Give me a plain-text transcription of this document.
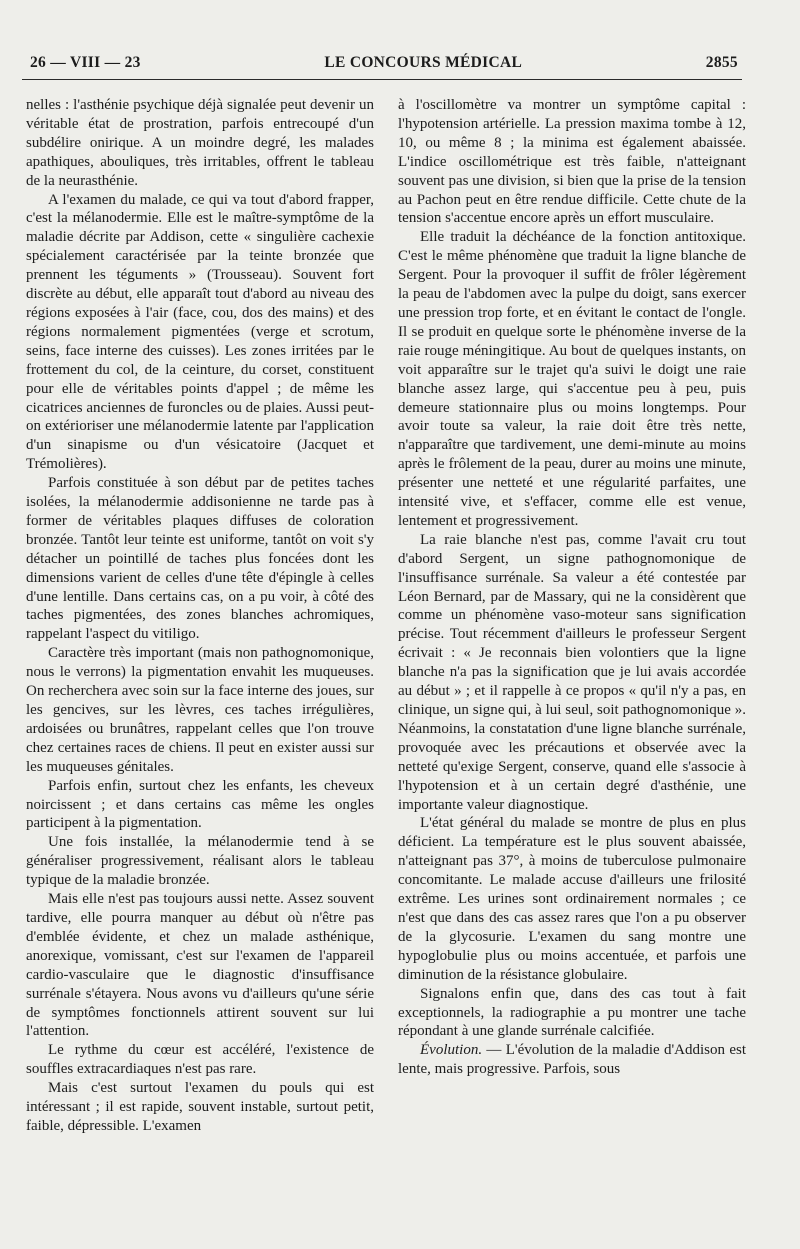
26 — VIII — 23	LE CONCOURS MÉDICAL	2855

nelles : l'asthénie psychique déjà signalée peut devenir un véritable état de prostration, parfois entrecoupé d'un subdélire onirique. A un moindre degré, les malades apathiques, abouliques, très irritables, offrent le tableau de la neurasthénie.

A l'examen du malade, ce qui va tout d'abord frapper, c'est la mélanodermie. Elle est le maître-symptôme de la maladie décrite par Addison, cette « singulière cachexie spécialement caractérisée par la teinte bronzée que prennent les téguments » (Trousseau). Souvent fort discrète au début, elle apparaît tout d'abord au niveau des régions exposées à l'air (face, cou, dos des mains) et des régions normalement pigmentées (verge et scrotum, seins, face interne des cuisses). Les zones irritées par le frottement du col, de la ceinture, du corset, constituent pour elle de véritables points d'appel ; de même les cicatrices anciennes de furoncles ou de plaies. Aussi peut-on extérioriser une mélanodermie latente par l'application d'un sinapisme ou d'un vésicatoire (Jacquet et Trémolières).

Parfois constituée à son début par de petites taches isolées, la mélanodermie addisonienne ne tarde pas à former de véritables plaques diffuses de coloration bronzée. Tantôt leur teinte est uniforme, tantôt on voit s'y détacher un pointillé de taches plus foncées dont les dimensions varient de celles d'une tête d'épingle à celles d'une lentille. Dans certains cas, on a pu voir, à côté des taches pigmentées, des zones blanches achromiques, rappelant l'aspect du vitiligo.

Caractère très important (mais non pathognomonique, nous le verrons) la pigmentation envahit les muqueuses. On recherchera avec soin sur la face interne des joues, sur les gencives, sur les lèvres, ces taches irrégulières, ardoisées ou brunâtres, rappelant celles que l'on trouve chez certaines races de chiens. Il peut en exister aussi sur les muqueuses génitales.

Parfois enfin, surtout chez les enfants, les cheveux noircissent ; et dans certains cas même les ongles participent à la pigmentation.

Une fois installée, la mélanodermie tend à se généraliser progressivement, réalisant alors le tableau typique de la maladie bronzée.

Mais elle n'est pas toujours aussi nette. Assez souvent tardive, elle pourra manquer au début où n'être pas d'emblée évidente, et chez un malade asthénique, anorexique, vomissant, c'est sur l'examen de l'appareil cardio-vasculaire que le diagnostic d'insuffisance surrénale s'étayera. Nous avons vu d'ailleurs qu'une série de symptômes fonctionnels attirent souvent sur lui l'attention.

Le rythme du cœur est accéléré, l'existence de souffles extracardiaques n'est pas rare.

Mais c'est surtout l'examen du pouls qui est intéressant ; il est rapide, souvent instable, surtout petit, faible, dépressible. L'examen

à l'oscillomètre va montrer un symptôme capital : l'hypotension artérielle. La pression maxima tombe à 12, 10, ou même 8 ; la minima est également abaissée. L'indice oscillométrique est très faible, n'atteignant souvent pas une division, si bien que la prise de la tension au Pachon peut en être rendue difficile. Cette chute de la tension s'accentue encore après un effort musculaire.

Elle traduit la déchéance de la fonction antitoxique. C'est le même phénomène que traduit la ligne blanche de Sergent. Pour la provoquer il suffit de frôler légèrement la peau de l'abdomen avec la pulpe du doigt, sans exercer une pression trop forte, et en évitant le contact de l'ongle. Il se produit en quelque sorte le phénomène inverse de la raie rouge méningitique. Au bout de quelques instants, on voit apparaître sur le trajet qu'a suivi le doigt une raie blanche assez large, qui s'accentue peu à peu, puis demeure stationnaire plus ou moins longtemps. Pour avoir toute sa valeur, la raie doit être très nette, n'apparaître que tardivement, une demi-minute au moins après le frôlement de la peau, durer au moins une minute, présenter une netteté et une régularité parfaites, une intensité vive, et s'effacer, comme elle est venue, lentement et progressivement.

La raie blanche n'est pas, comme l'avait cru tout d'abord Sergent, un signe pathognomonique de l'insuffisance surrénale. Sa valeur a été contestée par Léon Bernard, par de Massary, qui ne la considèrent que comme un phénomène vaso-moteur sans signification précise. Tout récemment d'ailleurs le professeur Sergent écrivait : « Je reconnais bien volontiers que la ligne blanche n'a pas la signification que je lui avais accordée au début » ; et il rappelle à ce propos « qu'il n'y a pas, en clinique, un signe qui, à lui seul, soit pathognomonique ». Néanmoins, la constatation d'une ligne blanche surrénale, provoquée avec les précautions et observée avec la netteté qu'exige Sergent, conserve, quand elle s'associe à l'hypotension et à un certain degré d'asthénie, une importante valeur diagnostique.

L'état général du malade se montre de plus en plus déficient. La température est le plus souvent abaissée, n'atteignant pas 37°, à moins de tuberculose pulmonaire concomitante. Le malade accuse d'ailleurs une frilosité extrême. Les urines sont ordinairement normales ; ce n'est que dans des cas assez rares que l'on a pu observer de la glycosurie. L'examen du sang montre une hypoglobulie plus ou moins accentuée, et parfois une diminution de la résistance globulaire.

Signalons enfin que, dans des cas tout à fait exceptionnels, la radiographie a pu montrer une tache répondant à une glande surrénale calcifiée.

Évolution. — L'évolution de la maladie d'Addison est lente, mais progressive. Parfois, sous
